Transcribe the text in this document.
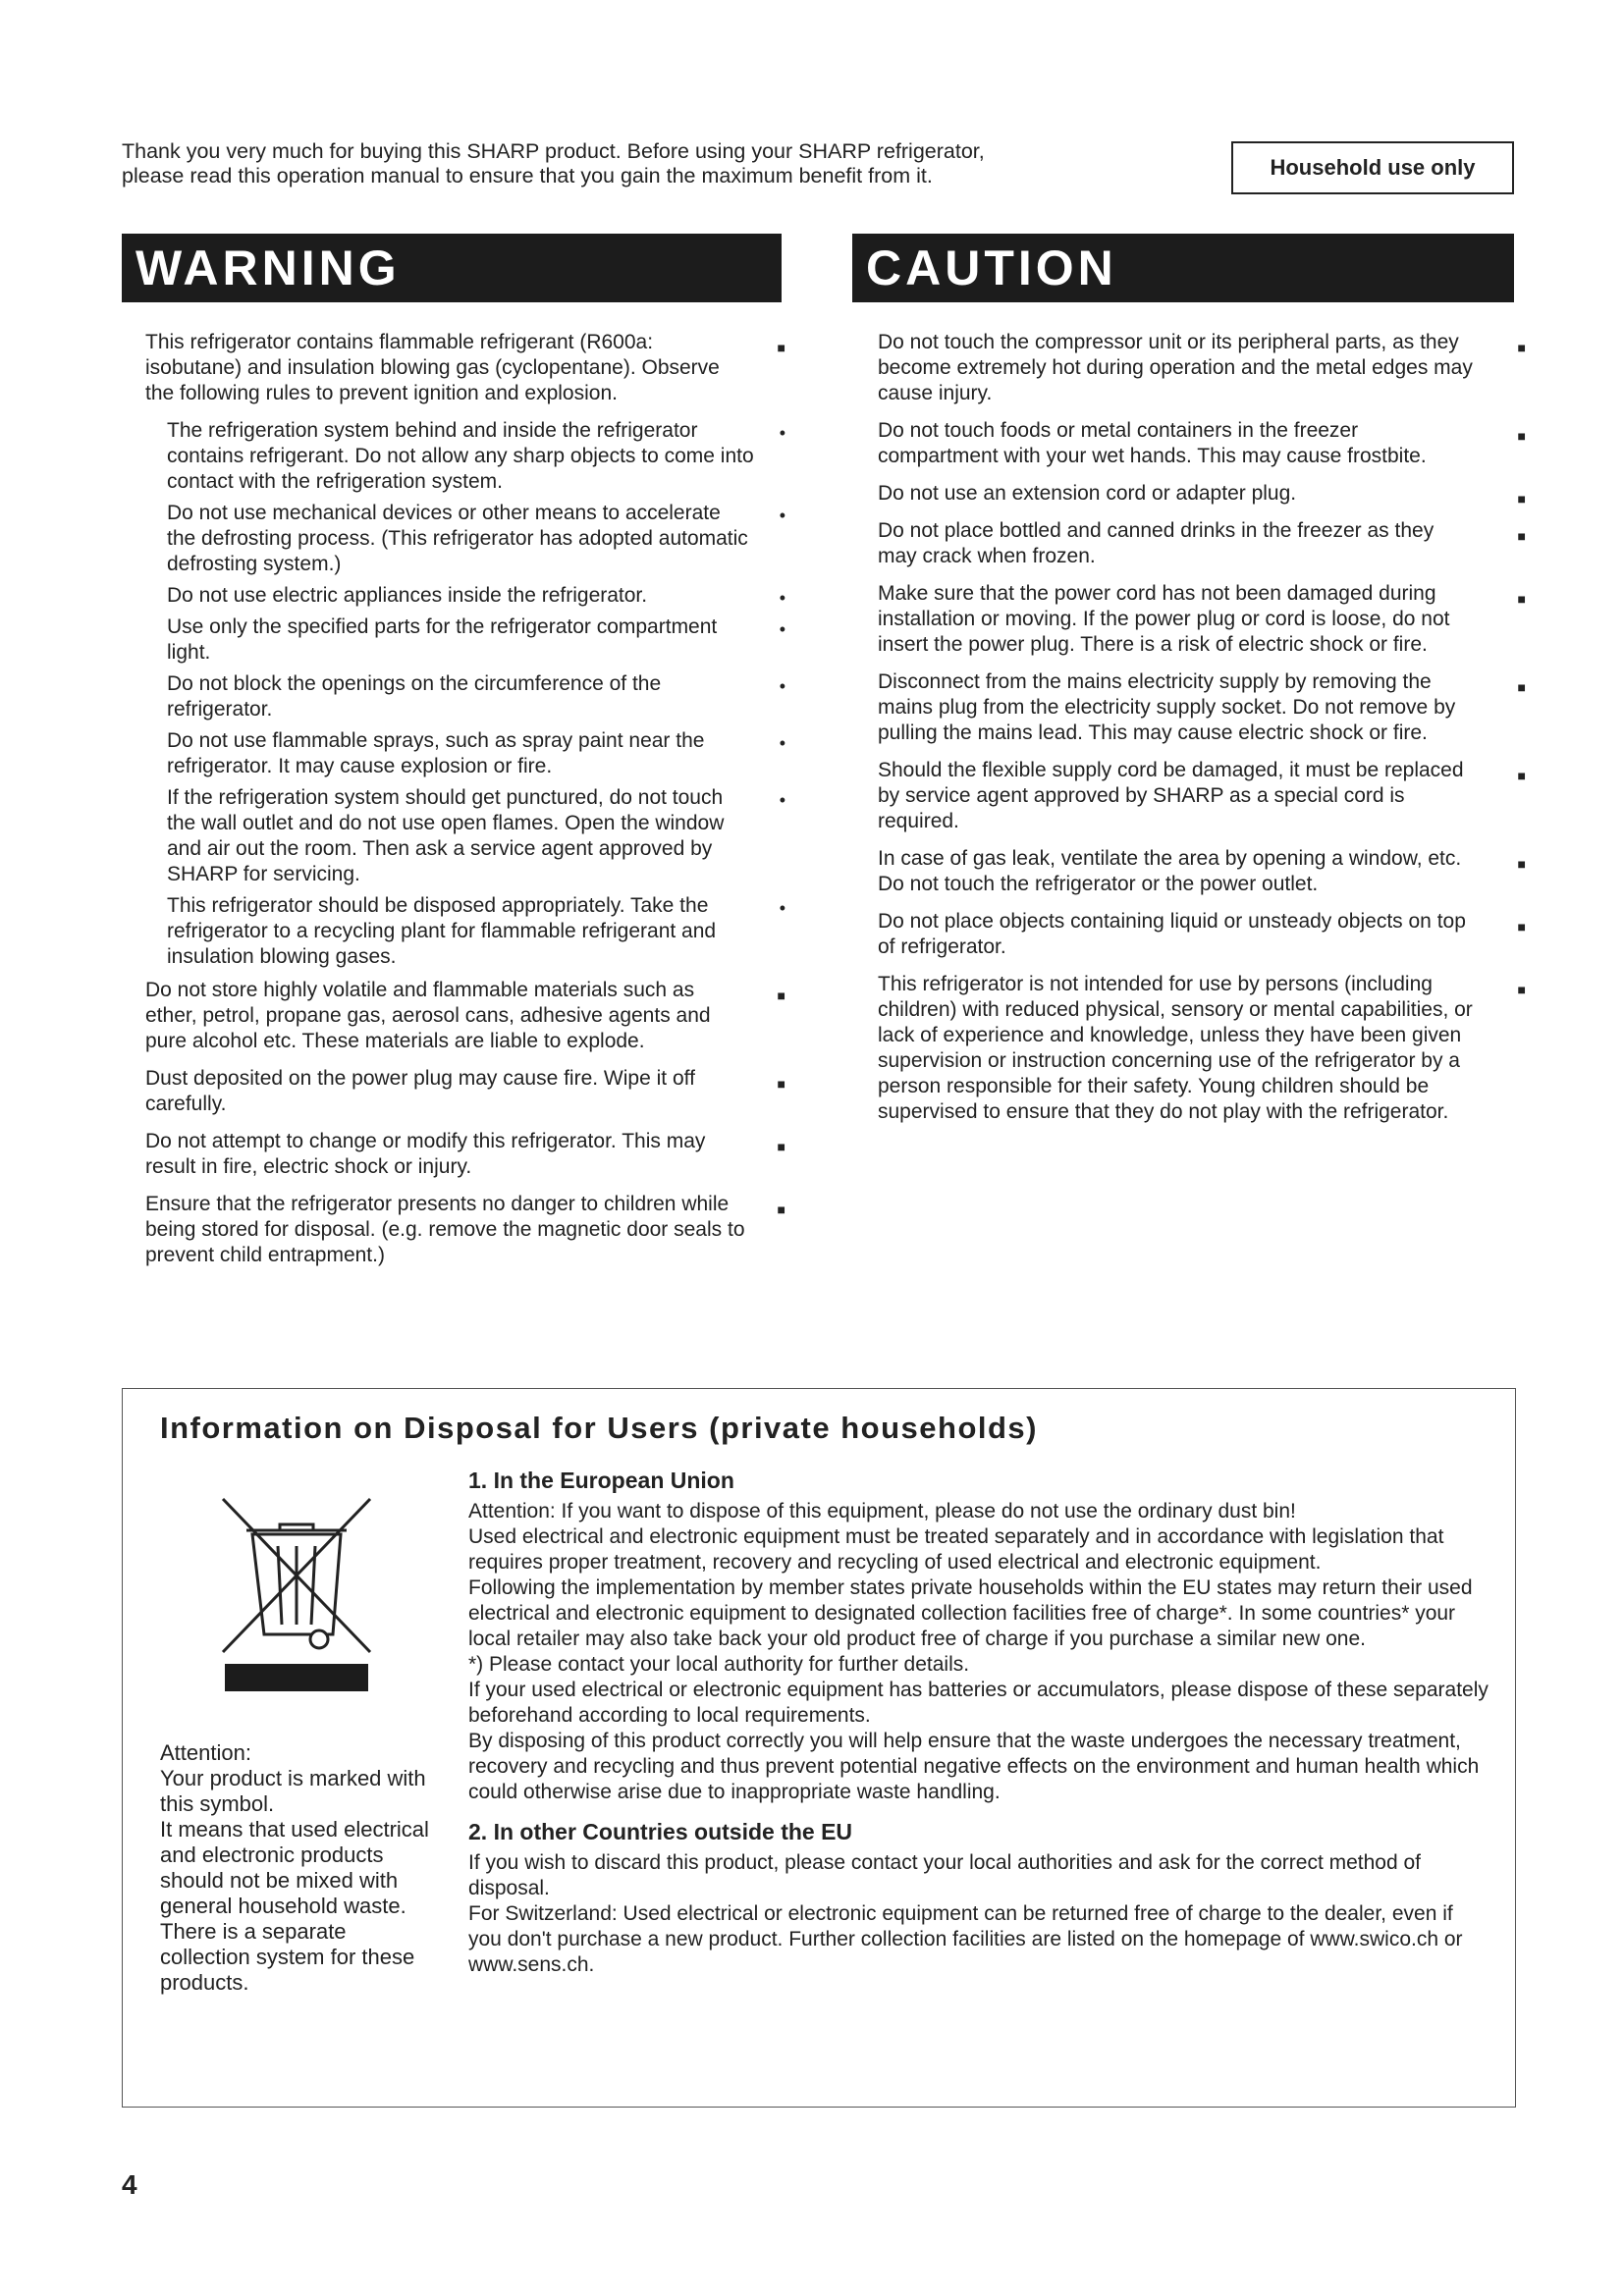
Thank you very much for buying this SHARP product. Before using your SHARP refrigerator,
please read this operation manual to ensure that you gain the maximum benefit from it.	Household use only
WARNING	CAUTION
This refrigerator contains flammable refrigerant (R600a: isobutane) and insulation blowing gas (cyclopentane). Observe the following rules to prevent ignition and explosion.
■
The refrigeration system behind and inside the refrigerator contains refrigerant. Do not allow any sharp objects to come into contact with the refrigeration system.
•
Do not use mechanical devices or other means to accelerate the defrosting process. (This refrigerator has adopted automatic defrosting system.)
•
Do not use electric appliances inside the refrigerator.	•
Use only the specified parts for the refrigerator compartment light.
•
Do not block the openings on the circumference of the refrigerator.
•
Do not use flammable sprays, such as spray paint near the refrigerator. It may cause explosion or fire.
•
If the refrigeration system should get punctured, do not touch the wall outlet and do not use open flames. Open the window and air out the room. Then ask a service agent approved by SHARP for servicing.
•
This refrigerator should be disposed appropriately. Take the refrigerator to a recycling plant for flammable refrigerant and insulation blowing gases.
•
Do not store highly volatile and flammable materials such as ether, petrol, propane gas, aerosol cans, adhesive agents and pure alcohol etc. These materials are liable to explode.
■
Dust deposited on the power plug may cause fire. Wipe it off carefully.
■
Do not attempt to change or modify this refrigerator. This may result in fire, electric shock or injury.
■
Ensure that the refrigerator presents no danger to children while being stored for disposal. (e.g. remove the magnetic door seals to prevent child entrapment.)
■
Do not touch the compressor unit or its peripheral parts, as they become extremely hot during operation and the metal edges may cause injury.
■
Do not touch foods or metal containers in the freezer compartment with your wet hands. This may cause frostbite.
■
Do not use an extension cord or adapter plug.	■
Do not place bottled and canned drinks in the freezer as they may crack when frozen.
■
Make sure that the power cord has not been damaged during installation or moving. If the power plug or cord is loose, do not insert the power plug. There is a risk of electric shock or fire.
■
Disconnect from the mains electricity supply by removing the mains plug from the electricity supply socket. Do not remove by pulling the mains lead. This may cause electric shock or fire.
■
Should the flexible supply cord be damaged, it must be replaced by service agent approved by SHARP as a special cord is required.
■
In case of gas leak, ventilate the area by opening a window, etc. Do not touch the refrigerator or the power outlet.
■
Do not place objects containing liquid or unsteady objects on top of refrigerator.
■
This refrigerator is not intended for use by persons (including children) with reduced physical, sensory or mental capabilities, or lack of experience and knowledge, unless they have been given supervision or instruction concerning use of the refrigerator by a person responsible for their safety. Young children should be supervised to ensure that they do not play with the refrigerator.
■
Information on Disposal for Users (private households)

Attention:

Your product is marked with this symbol.

It means that used electrical and electronic products should not be mixed with general household waste.

There is a separate collection system for these products.

1. In the European Union

Attention: If you want to dispose of this equipment, please do not use the ordinary dust bin!

Used electrical and electronic equipment must be treated separately and in accordance with legislation that requires proper treatment, recovery and recycling of used electrical and electronic equipment.

Following the implementation by member states private households within the EU states may return their used electrical and electronic equipment to designated collection facilities free of charge*. In some countries* your local retailer may also take back your old product free of charge if you purchase a similar new one.

*) Please contact your local authority for further details.

If your used electrical or electronic equipment has batteries or accumulators, please dispose of these separately beforehand according to local requirements.

By disposing of this product correctly you will help ensure that the waste undergoes the necessary treatment, recovery and recycling and thus prevent potential negative effects on the environment and human health which could otherwise arise due to inappropriate waste handling.

2. In other Countries outside the EU

If you wish to discard this product, please contact your local authorities and ask for the correct method of disposal.

For Switzerland: Used electrical or electronic equipment can be returned free of charge to the dealer, even if you don't purchase a new product. Further collection facilities are listed on the homepage of www.swico.ch or www.sens.ch.

4
